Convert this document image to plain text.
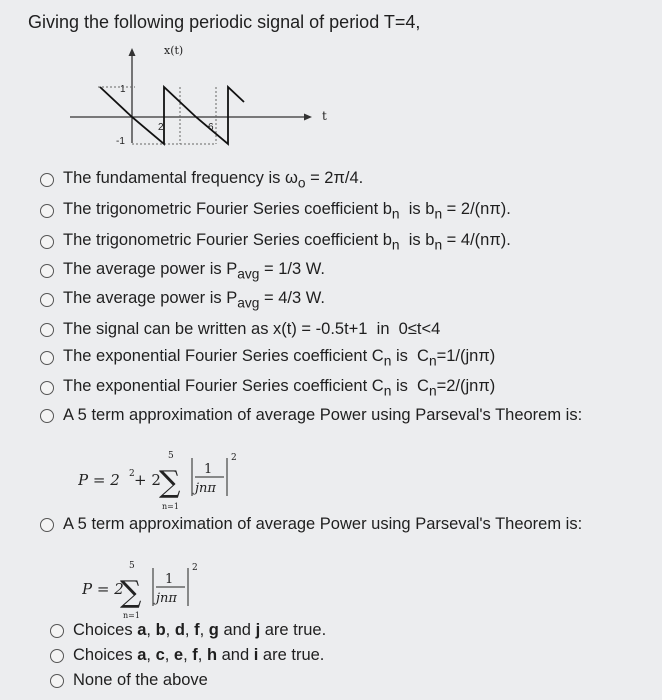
Giving the following periodic signal of period T=4,
x(t)
t
1
-1
2	6
The fundamental frequency is $\omega_o = 2\pi/4$.
The trigonometric Fourier Series coefficient $b_n$  is $b_n = 2/(n\pi)$.
The trigonometric Fourier Series coefficient $b_n$  is $b_n = 4/(n\pi)$.
The average power is $P_{avg} = 1/3$ W.
The average power is $P_{avg} = 4/3$ W.
The signal can be written as x(t) = -0.5t+1  in  0≤t<4
The exponential Fourier Series coefficient $C_n$ is  $C_n=1/(jn\pi)$
The exponential Fourier Series coefficient $C_n$ is  $C_n=2/(jn\pi)$
A 5 term approximation of average Power using Parseval's Theorem is:
P = 2 2 + 2
5
∑
n=1
1
jnπ
2
A 5 term approximation of average Power using Parseval's Theorem is:
P = 2
5
∑
n=1
1
jnπ
2
Choices a, b, d, f, g and j are true.
Choices a, c, e, f, h and i are true.
None of the above
